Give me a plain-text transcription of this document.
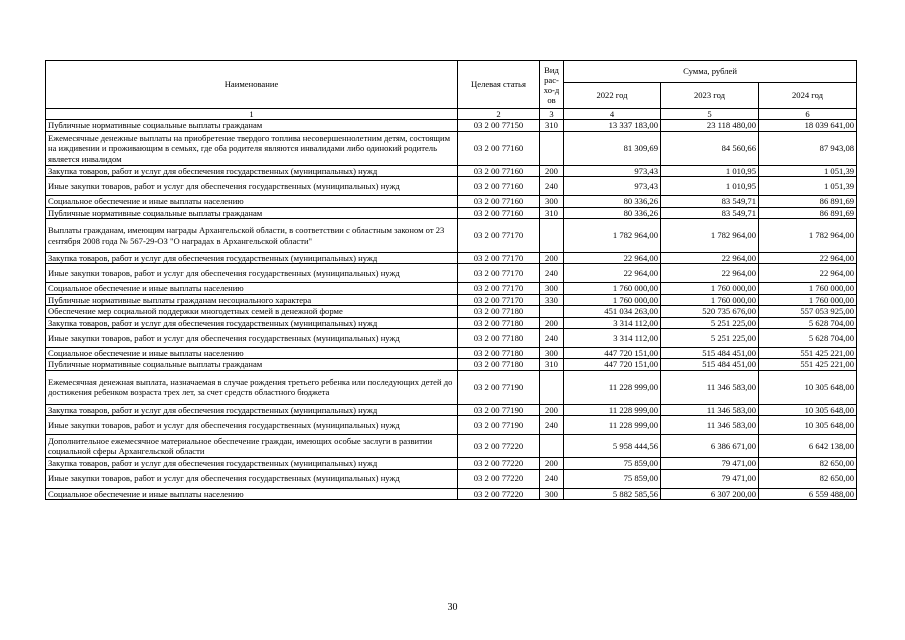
Наименование	Целевая статья	Вид рас-хо-дов	Сумма, рублей		
			2022 год	2023 год	2024 год
1	2	3	4	5	6
Публичные нормативные социальные выплаты гражданам	03 2 00 77150	310	13 337 183,00	23 118 480,00	18 039 641,00
Ежемесячные денежные выплаты на приобретение твердого топлива несовершеннолетним детям, состоящим на иждивении и проживающим в семьях, где оба родителя являются инвалидами либо одинокий родитель является инвалидом	03 2 00 77160		81 309,69	84 560,66	87 943,08
Закупка товаров, работ и услуг для обеспечения государственных (муниципальных) нужд	03 2 00 77160	200	973,43	1 010,95	1 051,39
Иные закупки товаров, работ и услуг для обеспечения государственных (муниципальных) нужд	03 2 00 77160	240	973,43	1 010,95	1 051,39
Социальное обеспечение и иные выплаты населению	03 2 00 77160	300	80 336,26	83 549,71	86 891,69
Публичные нормативные социальные выплаты гражданам	03 2 00 77160	310	80 336,26	83 549,71	86 891,69
Выплаты гражданам, имеющим награды Архангельской области, в соответствии с областным законом от 23 сентября 2008 года № 567-29-ОЗ "О наградах в Архангельской области"	03 2 00 77170		1 782 964,00	1 782 964,00	1 782 964,00
Закупка товаров, работ и услуг для обеспечения государственных (муниципальных) нужд	03 2 00 77170	200	22 964,00	22 964,00	22 964,00
Иные закупки товаров, работ и услуг для обеспечения государственных (муниципальных) нужд	03 2 00 77170	240	22 964,00	22 964,00	22 964,00
Социальное обеспечение и иные выплаты населению	03 2 00 77170	300	1 760 000,00	1 760 000,00	1 760 000,00
Публичные нормативные выплаты гражданам несоциального характера	03 2 00 77170	330	1 760 000,00	1 760 000,00	1 760 000,00
Обеспечение мер социальной поддержки многодетных семей в денежной форме	03 2 00 77180		451 034 263,00	520 735 676,00	557 053 925,00
Закупка товаров, работ и услуг для обеспечения государственных (муниципальных) нужд	03 2 00 77180	200	3 314 112,00	5 251 225,00	5 628 704,00
Иные закупки товаров, работ и услуг для обеспечения государственных (муниципальных) нужд	03 2 00 77180	240	3 314 112,00	5 251 225,00	5 628 704,00
Социальное обеспечение и иные выплаты населению	03 2 00 77180	300	447 720 151,00	515 484 451,00	551 425 221,00
Публичные нормативные социальные выплаты гражданам	03 2 00 77180	310	447 720 151,00	515 484 451,00	551 425 221,00
Ежемесячная денежная выплата, назначаемая в случае рождения третьего ребенка или последующих детей до достижения ребенком возраста трех лет, за счет средств областного бюджета	03 2 00 77190		11 228 999,00	11 346 583,00	10 305 648,00
Закупка товаров, работ и услуг для обеспечения государственных (муниципальных) нужд	03 2 00 77190	200	11 228 999,00	11 346 583,00	10 305 648,00
Иные закупки товаров, работ и услуг для обеспечения государственных (муниципальных) нужд	03 2 00 77190	240	11 228 999,00	11 346 583,00	10 305 648,00
Дополнительное ежемесячное материальное обеспечение граждан, имеющих особые заслуги в развитии социальной сферы Архангельской области	03 2 00 77220		5 958 444,56	6 386 671,00	6 642 138,00
Закупка товаров, работ и услуг для обеспечения государственных (муниципальных) нужд	03 2 00 77220	200	75 859,00	79 471,00	82 650,00
Иные закупки товаров, работ и услуг для обеспечения государственных (муниципальных) нужд	03 2 00 77220	240	75 859,00	79 471,00	82 650,00
Социальное обеспечение и иные выплаты населению	03 2 00 77220	300	5 882 585,56	6 307 200,00	6 559 488,00
30
